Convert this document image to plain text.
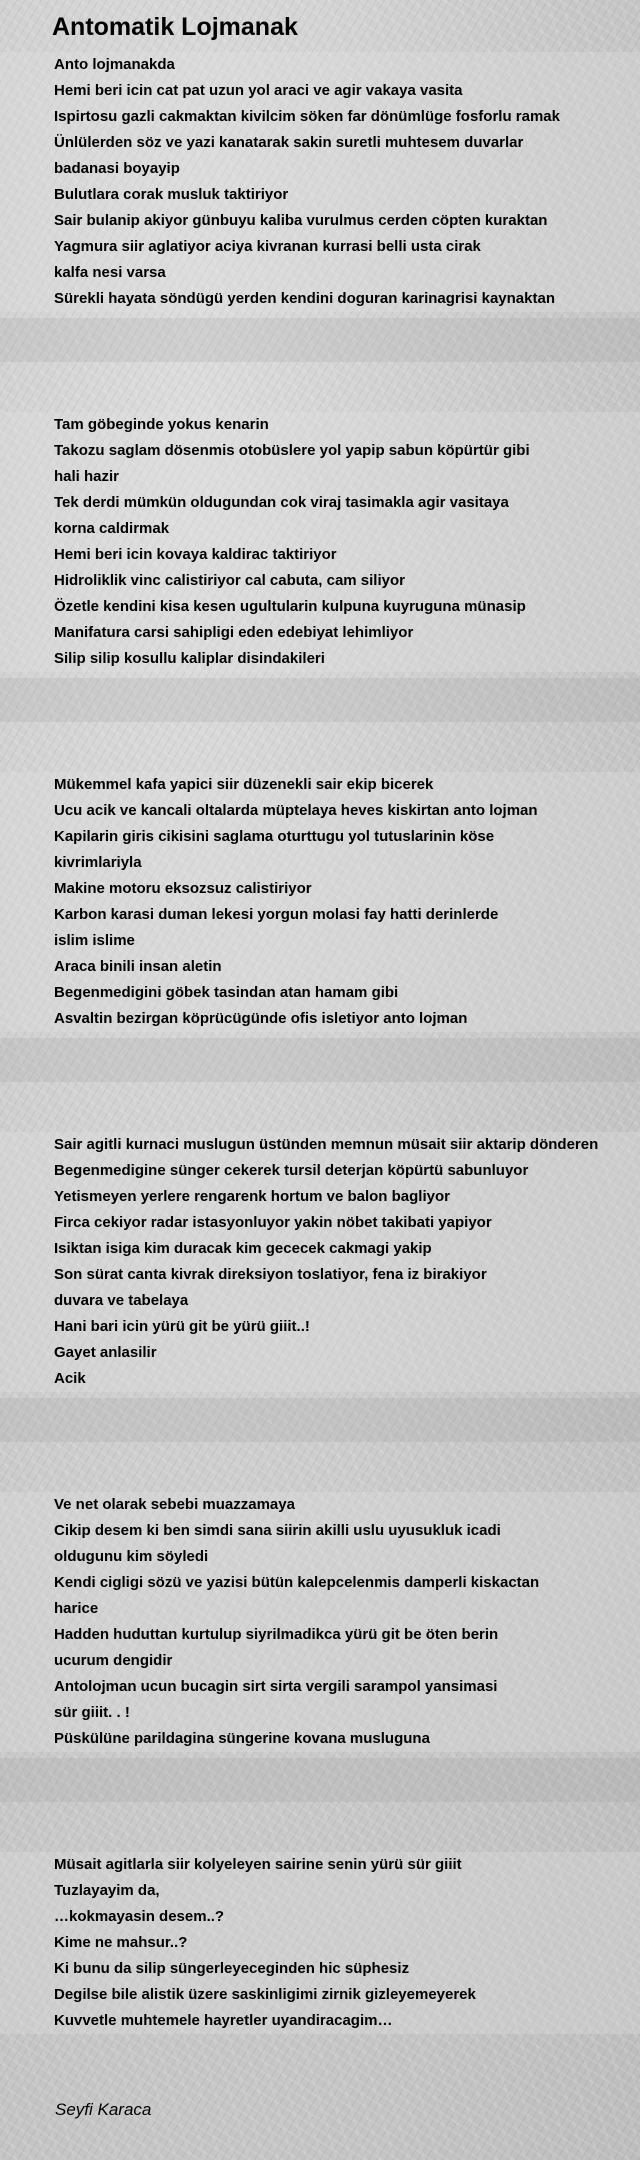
Antomatik Lojmanak
Anto lojmanakda
Hemi beri icin cat pat uzun yol araci ve agir vakaya vasita
Ispirtosu gazli cakmaktan kivilcim söken far dönümlüge fosforlu ramak
Ünlülerden söz ve yazi kanatarak sakin suretli muhtesem duvarlar
badanasi boyayip
Bulutlara corak musluk taktiriyor
Sair bulanip akiyor günbuyu kaliba vurulmus cerden cöpten kuraktan
Yagmura siir aglatiyor aciya kivranan kurrasi belli usta cirak
kalfa nesi varsa
Sürekli hayata söndügü yerden kendini doguran karinagrisi kaynaktan
Tam göbeginde yokus kenarin
Takozu saglam dösenmis otobüslere yol yapip sabun köpürtür gibi
hali hazir
Tek derdi mümkün oldugundan cok viraj tasimakla agir vasitaya
korna caldirmak
Hemi beri icin kovaya kaldirac taktiriyor
Hidroliklik vinc calistiriyor cal cabuta, cam siliyor
Özetle kendini kisa kesen ugultularin kulpuna kuyruguna münasip
Manifatura carsi sahipligi eden edebiyat lehimliyor
Silip silip kosullu kaliplar disindakileri
Mükemmel kafa yapici siir düzenekli sair ekip bicerek
Ucu acik ve kancali oltalarda müptelaya heves kiskirtan anto lojman
Kapilarin giris cikisini saglama oturttugu yol tutuslarinin köse
kivrimlariyla
Makine motoru eksozsuz calistiriyor
Karbon karasi duman lekesi yorgun molasi fay hatti derinlerde
islim islime
Araca binili insan aletin
Begenmedigini göbek tasindan atan hamam gibi
Asvaltin bezirgan köprücügünde ofis isletiyor anto lojman
Sair agitli kurnaci muslugun üstünden memnun müsait siir aktarip dönderen
Begenmedigine sünger cekerek tursil deterjan köpürtü sabunluyor
Yetismeyen yerlere rengarenk hortum ve balon bagliyor
Firca cekiyor radar istasyonluyor yakin nöbet takibati yapiyor
Isiktan isiga kim duracak kim gececek cakmagi yakip
Son sürat canta kivrak direksiyon toslatiyor, fena iz birakiyor
duvara ve tabelaya
Hani bari icin yürü git be yürü giiit..!
Gayet anlasilir
Acik
Ve net olarak sebebi muazzamaya
Cikip desem ki ben simdi sana siirin akilli uslu uyusukluk icadi
oldugunu kim söyledi
Kendi cigligi sözü ve yazisi bütün kalepcelenmis damperli kiskactan
harice
Hadden huduttan kurtulup siyrilmadikca yürü git be öten berin
ucurum dengidir
Antolojman ucun bucagin sirt sirta vergili sarampol yansimasi
sür giiit. . !
Püskülüne parildagina süngerine kovana musluguna
Müsait agitlarla siir kolyeleyen sairine senin yürü sür giiit
Tuzlayayim da,
…kokmayasin desem..?
Kime ne mahsur..?
Ki bunu da silip süngerleyeceginden hic süphesiz
Degilse bile alistik üzere saskinligimi zirnik gizleyemeyerek
Kuvvetle muhtemele hayretler uyandiracagim…
Seyfi Karaca
